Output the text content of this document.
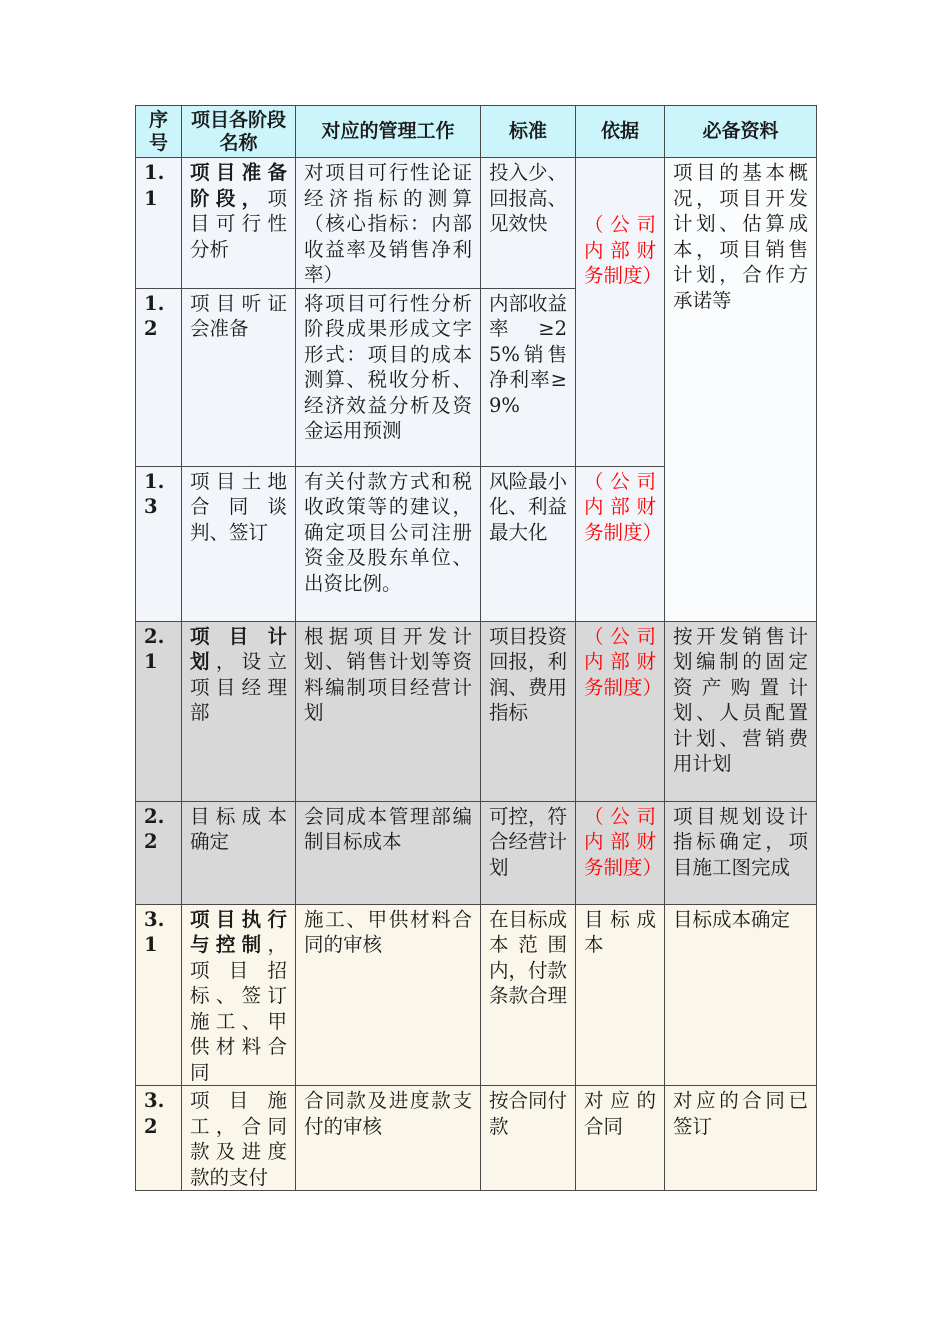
序号	项目各阶段名称	对应的管理工作	标准	依据	必备资料
1.1	项目准备阶段，项目可行性分析	对项目可行性论证经济指标的测算（核心指标：内部收益率及销售净利率）	投入少、回报高、见效快	（公司内部财务制度）	项目的基本概况，项目开发计划、估算成本，项目销售计划，合作方承诺等
1.2	项目听证会准备	将项目可行性分析阶段成果形成文字形式：项目的成本测算、税收分析、经济效益分析及资金运用预测	内部收益率≥25%销售净利率≥9%		
1.3	项目土地合同谈判、签订	有关付款方式和税收政策等的建议，确定项目公司注册资金及股东单位、出资比例。	风险最小化、利益最大化	（公司内部财务制度）	
2.1	项目计划，设立项目经理部	根据项目开发计划、销售计划等资料编制项目经营计划	项目投资回报，利润、费用指标	（公司内部财务制度）	按开发销售计划编制的固定资产购置计划、人员配置计划、营销费用计划
2.2	目标成本确定	会同成本管理部编制目标成本	可控，符合经营计划	（公司内部财务制度）	项目规划设计指标确定，项目施工图完成
3.1	项目执行与控制，项目招标、签订施工、甲供材料合同	施工、甲供材料合同的审核	在目标成本范围内，付款条款合理	目标成本	目标成本确定
3.2	项目施工，合同款及进度款的支付	合同款及进度款支付的审核	按合同付款	对应的合同	对应的合同已签订
